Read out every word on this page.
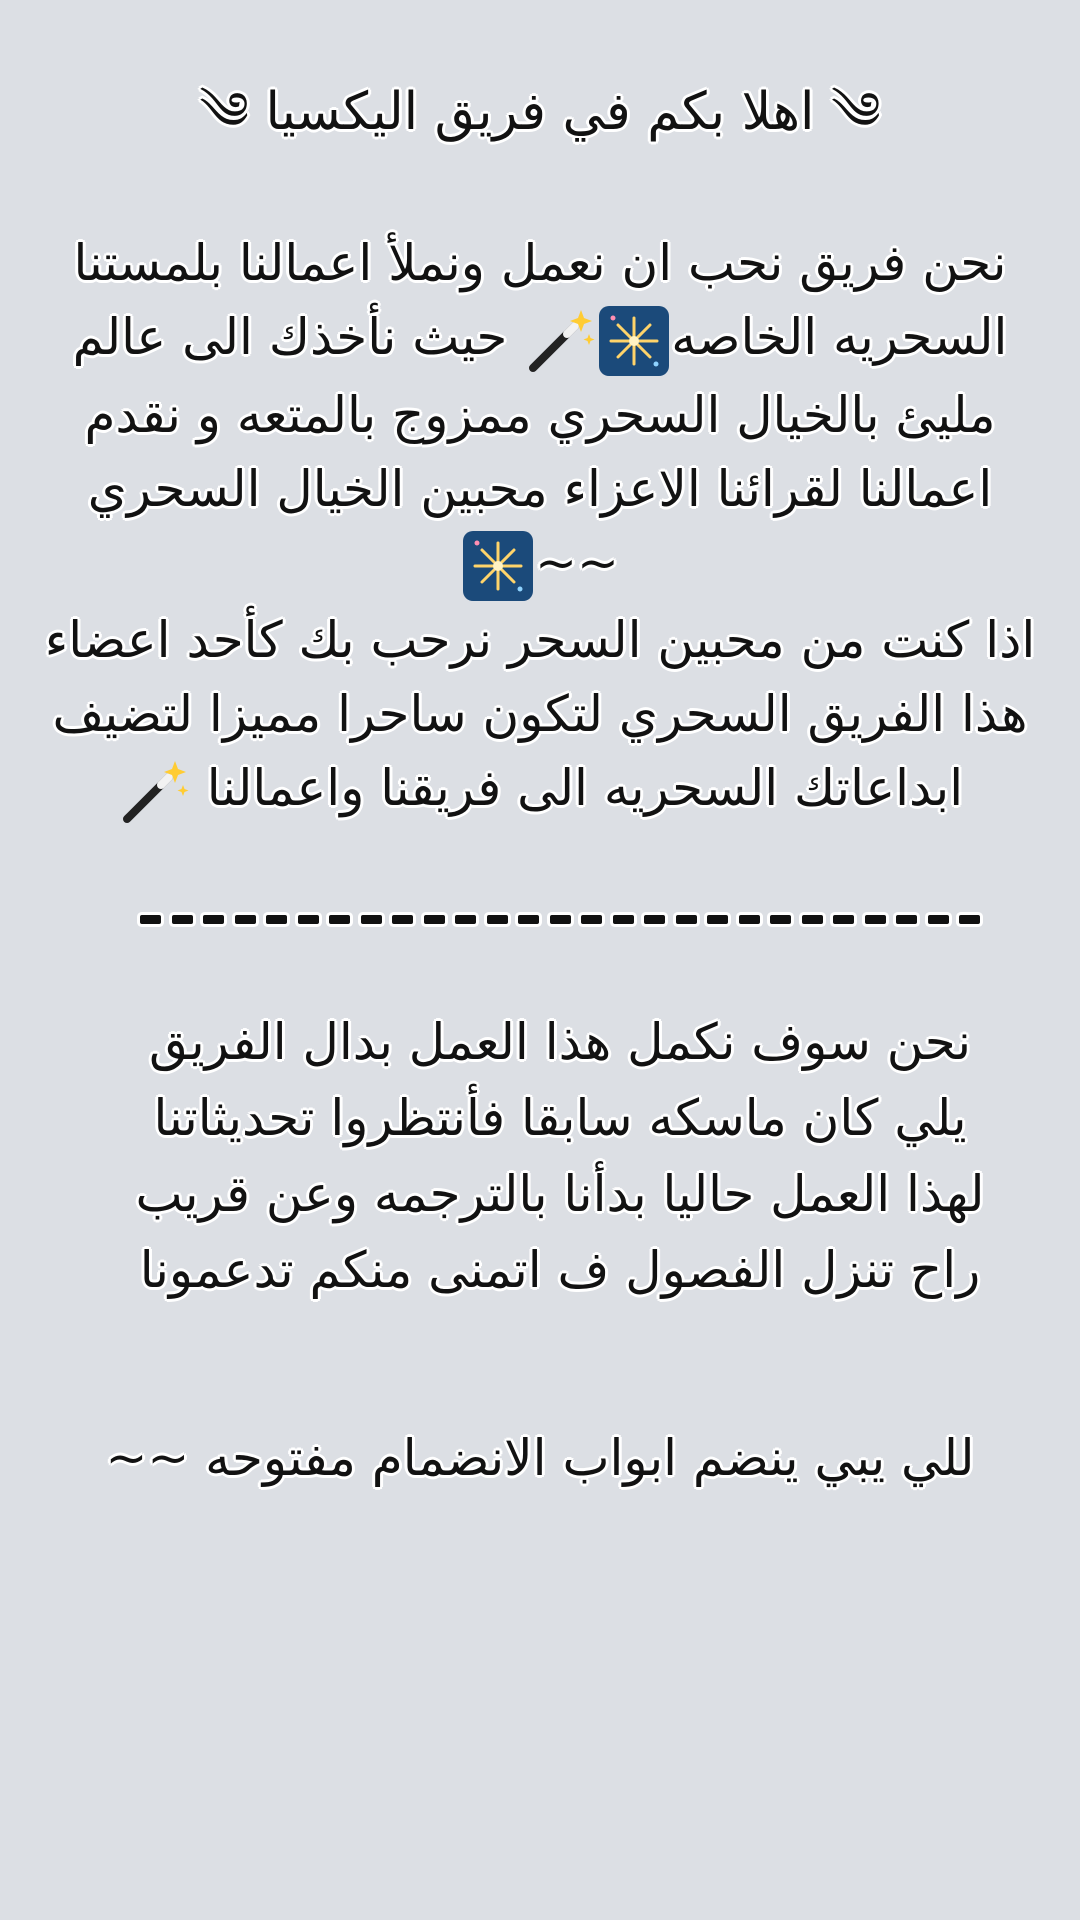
༄ اهلا بكم في فريق اليكسيا ༄
نحن فريق نحب ان نعمل ونملأ اعمالنا بلمستنا
السحريه الخاصه
حيث نأخذك الى عالم
مليئ بالخيال السحري ممزوج بالمتعه و نقدم
اعمالنا لقرائنا الاعزاء محبين الخيال السحري
~~
اذا كنت من محبين السحر نرحب بك كأحد اعضاء
هذا الفريق السحري لتكون ساحرا مميزا لتضيف
ابداعاتك السحريه الى فريقنا واعمالنا
نحن سوف نكمل هذا العمل بدال الفريق
يلي كان ماسكه سابقا فأنتظروا تحديثاتنا
لهذا العمل حاليا بدأنا بالترجمه وعن قريب
راح تنزل الفصول ف اتمنى منكم تدعمونا
للي يبي ينضم ابواب الانضمام مفتوحه ~~
